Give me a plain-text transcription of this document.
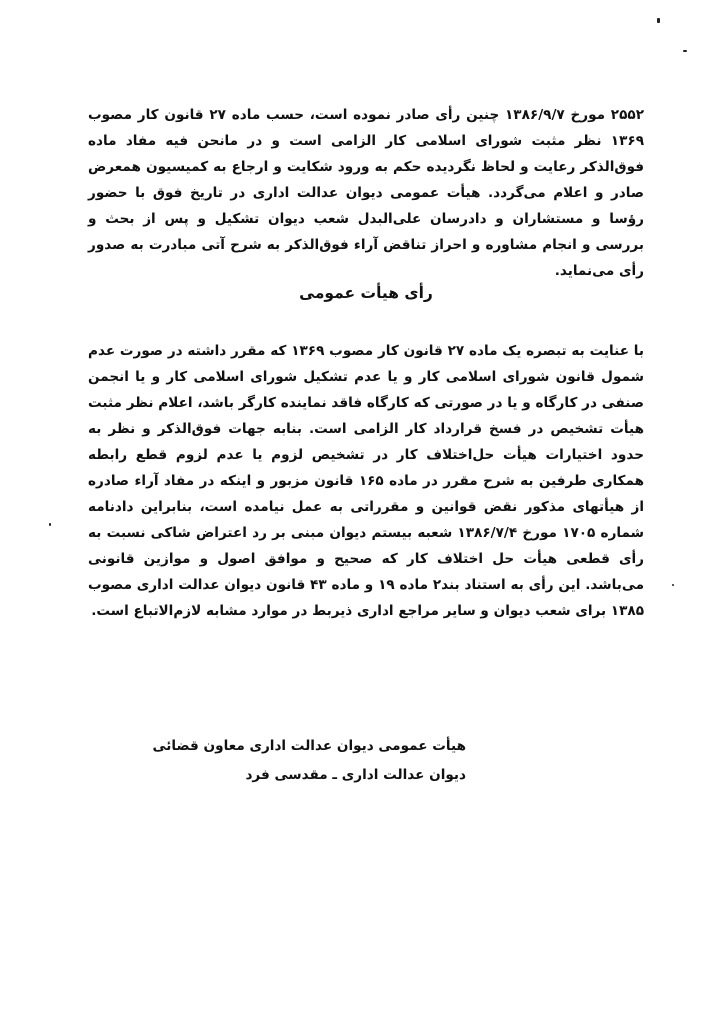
۲۵۵۲ مورخ ۱۳۸۶/۹/۷ چنین رأی صادر نموده است، حسب ماده ۲۷ قانون کار مصوب ۱۳۶۹ نظر مثبت شورای اسلامی کار الزامی است و در مانحن فیه مفاد ماده فوق‌الذکر رعایت و لحاظ نگردیده حکم به ورود شکایت و ارجاع به کمیسیون همعرض صادر و اعلام می‌گردد. هیأت عمومی دیوان عدالت اداری در تاریخ فوق با حضور رؤسا و مستشاران و دادرسان علی‌البدل شعب دیوان تشکیل و پس از بحث و بررسی و انجام مشاوره و احراز تناقض آراء فوق‌الذکر به شرح آتی مبادرت به صدور رأی می‌نماید.

رأی هیأت عمومی

با عنایت به تبصره یک ماده ۲۷ قانون کار مصوب ۱۳۶۹ که مقرر داشته در صورت عدم شمول قانون شورای اسلامی کار و یا عدم تشکیل شورای اسلامی کار و یا انجمن صنفی در کارگاه و یا در صورتی که کارگاه فاقد نماینده کارگر باشد، اعلام نظر مثبت هیأت تشخیص در فسخ قرارداد کار الزامی است. بنابه جهات فوق‌الذکر و نظر به حدود اختیارات هیأت حل‌اختلاف کار در تشخیص لزوم یا عدم لزوم قطع رابطه همکاری طرفین به شرح مقرر در ماده ۱۶۵ قانون مزبور و اینکه در مفاد آراء صادره از هیأتهای مذکور نقض قوانین و مقرراتی به عمل نیامده است، بنابراین دادنامه شماره ۱۷۰۵ مورخ ۱۳۸۶/۷/۴ شعبه بیستم دیوان مبنی بر رد اعتراض شاکی نسبت به رأی قطعی هیأت حل اختلاف کار که صحیح و موافق اصول و موازین قانونی می‌باشد. این رأی به استناد بند۲ ماده ۱۹ و ماده ۴۳ قانون دیوان عدالت اداری مصوب ۱۳۸۵ برای شعب دیوان و سایر مراجع اداری ذیربط در موارد مشابه لازم‌الاتباع است.

هیأت عمومی دیوان عدالت اداری معاون قضائی
دیوان عدالت اداری ـ مقدسی فرد
